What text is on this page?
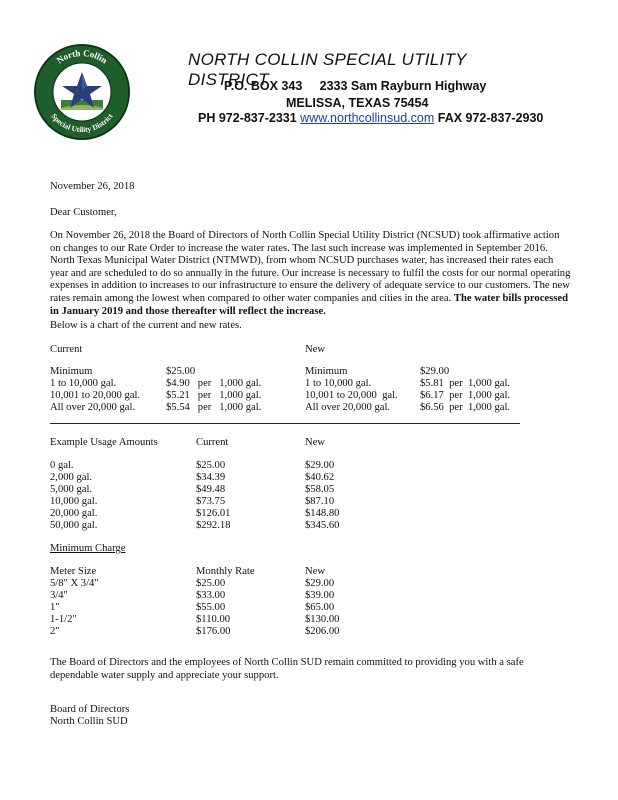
North Collin
Special Utility District
NORTH COLLIN SPECIAL UTILITY DISTRICT
P.O. BOX 343     2333 Sam Rayburn Highway
MELISSA, TEXAS 75454
PH 972-837-2331 www.northcollinsud.com FAX 972-837-2930
November 26, 2018
Dear Customer,
On November 26, 2018 the Board of Directors of North Collin Special Utility District (NCSUD) took affirmative action on changes to our Rate Order to increase the water rates. The last such increase was implemented in September 2016. North Texas Municipal Water District (NTMWD), from whom NCSUD purchases water, has increased their rates each year and are scheduled to do so annually in the future. Our increase is necessary to fulfil the costs for our normal operating expenses in addition to increases to our infrastructure to ensure the delivery of adequate service to our customers. The new rates remain among the lowest when compared to other water companies and cities in the area. The water bills processed in January 2019 and those thereafter will reflect the increase.
Below is a chart of the current and new rates.
Current	New
Minimum	$25.00	Minimum	$29.00
1 to 10,000 gal.	$4.90   per   1,000 gal.	1 to 10,000 gal.	$5.81  per  1,000 gal.
10,001 to 20,000 gal. $5.21   per   1,000 gal.	10,001 to 20,000  gal. $6.17  per  1,000 gal.
All over 20,000 gal.	$5.54   per   1,000 gal.	All over 20,000 gal.	$6.56  per  1,000 gal.
Example Usage Amounts	Current	New
0 gal.	$25.00	$29.00
2,000 gal.	$34.39	$40.62
5,000 gal.	$49.48	$58.05
10,000 gal.	$73.75	$87.10
20,000 gal.	$126.01	$148.80
50,000 gal.	$292.18	$345.60
Minimum Charge
Meter Size	Monthly Rate	New
5/8" X 3/4"	$25.00	$29.00
3/4"	$33.00	$39.00
1"	$55.00	$65.00
1-1/2"	$110.00	$130.00
2"	$176.00	$206.00
The Board of Directors and the employees of North Collin SUD remain committed to providing you with a safe dependable water supply and appreciate your support.
Board of Directors
North Collin SUD
